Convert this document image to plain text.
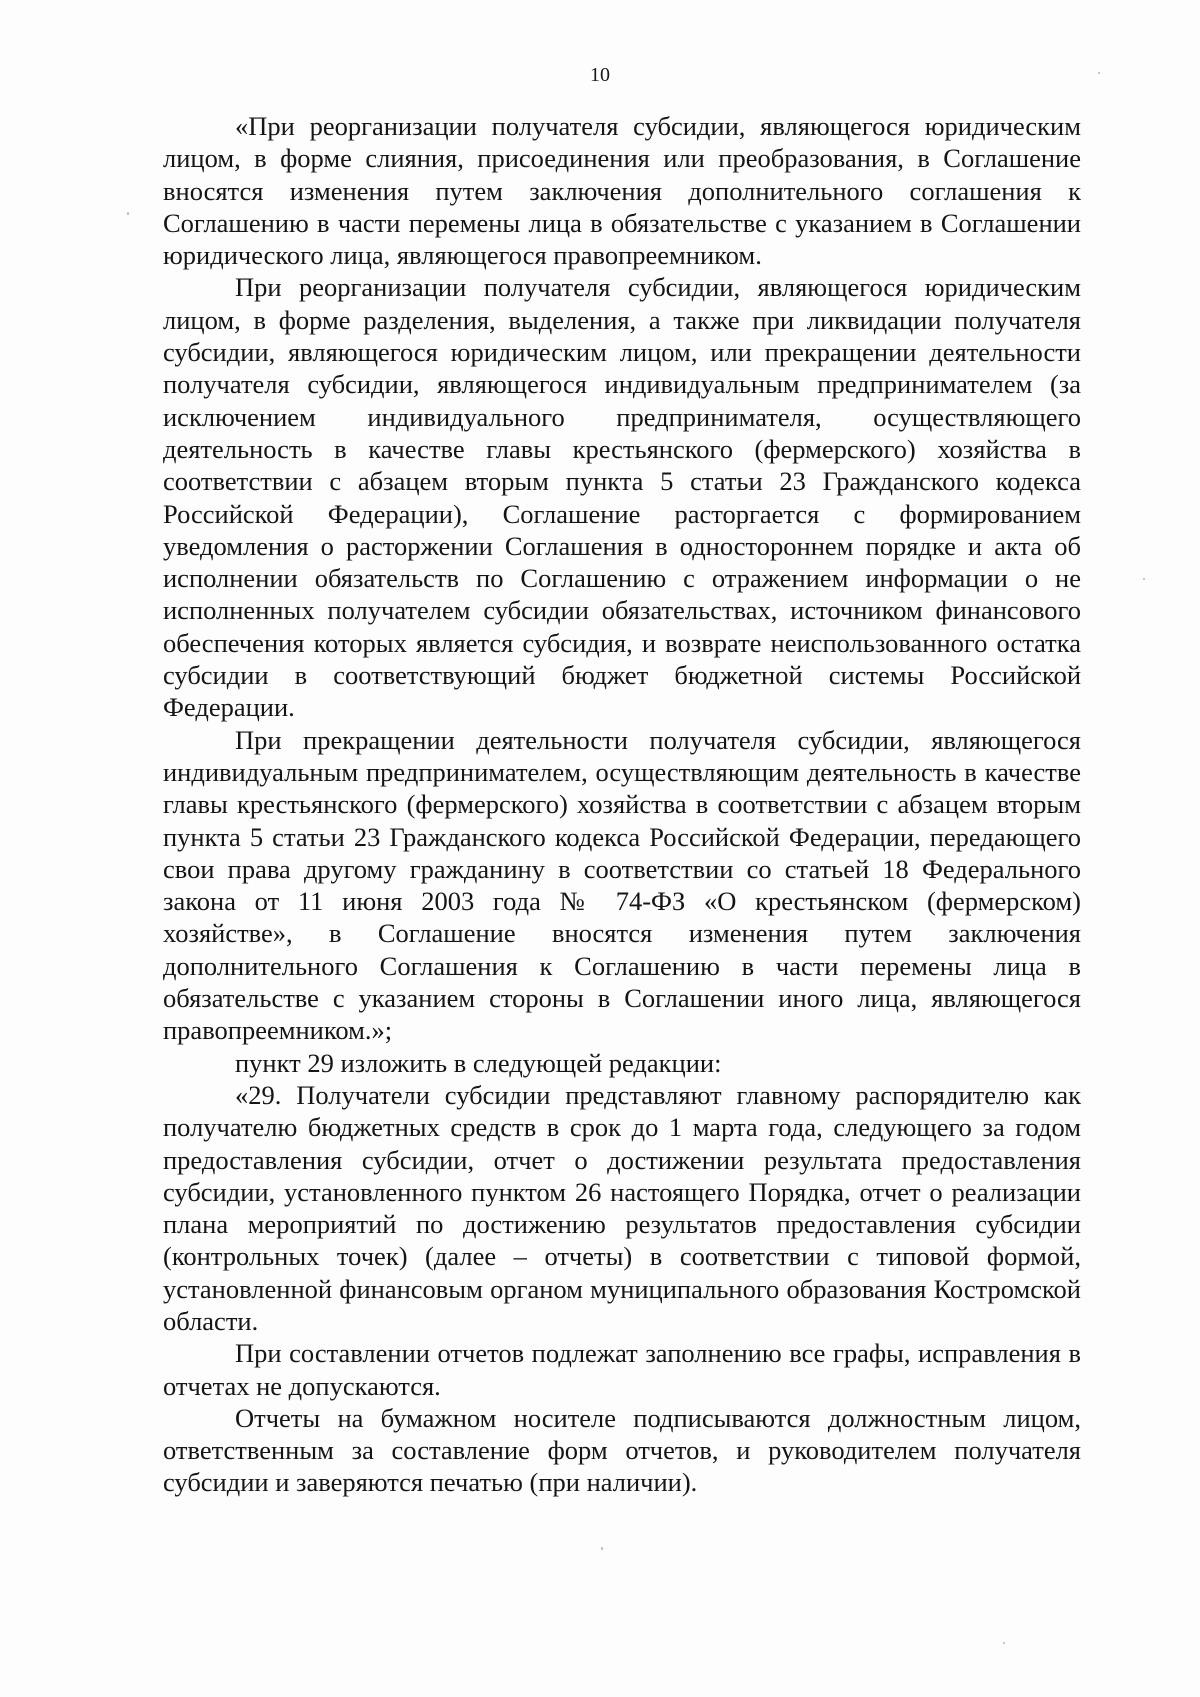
10

«При реорганизации получателя субсидии, являющегося юридическим лицом, в форме слияния, присоединения или преобразования, в Соглашение вносятся изменения путем заключения дополнительного соглашения к Соглашению в части перемены лица в обязательстве с указанием в Соглашении юридического лица, являющегося правопреемником.

При реорганизации получателя субсидии, являющегося юридическим лицом, в форме разделения, выделения, а также при ликвидации получателя субсидии, являющегося юридическим лицом, или прекращении деятельности получателя субсидии, являющегося индивидуальным предпринимателем (за исключением индивидуального предпринимателя, осуществляющего деятельность в качестве главы крестьянского (фермерского) хозяйства в соответствии с абзацем вторым пункта 5 статьи 23 Гражданского кодекса Российской Федерации), Соглашение расторгается с формированием уведомления о расторжении Соглашения в одностороннем порядке и акта об исполнении обязательств по Соглашению с отражением информации о не исполненных получателем субсидии обязательствах, источником финансового обеспечения которых является субсидия, и возврате неиспользованного остатка субсидии в соответствующий бюджет бюджетной системы Российской Федерации.

При прекращении деятельности получателя субсидии, являющегося индивидуальным предпринимателем, осуществляющим деятельность в качестве главы крестьянского (фермерского) хозяйства в соответствии с абзацем вторым пункта 5 статьи 23 Гражданского кодекса Российской Федерации, передающего свои права другому гражданину в соответствии со статьей 18 Федерального закона от 11 июня 2003 года № 74-ФЗ «О крестьянском (фермерском) хозяйстве», в Соглашение вносятся изменения путем заключения дополнительного Соглашения к Соглашению в части перемены лица в обязательстве с указанием стороны в Соглашении иного лица, являющегося правопреемником.»;

пункт 29 изложить в следующей редакции:

«29. Получатели субсидии представляют главному распорядителю как получателю бюджетных средств в срок до 1 марта года, следующего за годом предоставления субсидии, отчет о достижении результата предоставления субсидии, установленного пунктом 26 настоящего Порядка, отчет о реализации плана мероприятий по достижению результатов предоставления субсидии (контрольных точек) (далее – отчеты) в соответствии с типовой формой, установленной финансовым органом муниципального образования Костромской области.

При составлении отчетов подлежат заполнению все графы, исправления в отчетах не допускаются.

Отчеты на бумажном носителе подписываются должностным лицом, ответственным за составление форм отчетов, и руководителем получателя субсидии и заверяются печатью (при наличии).
